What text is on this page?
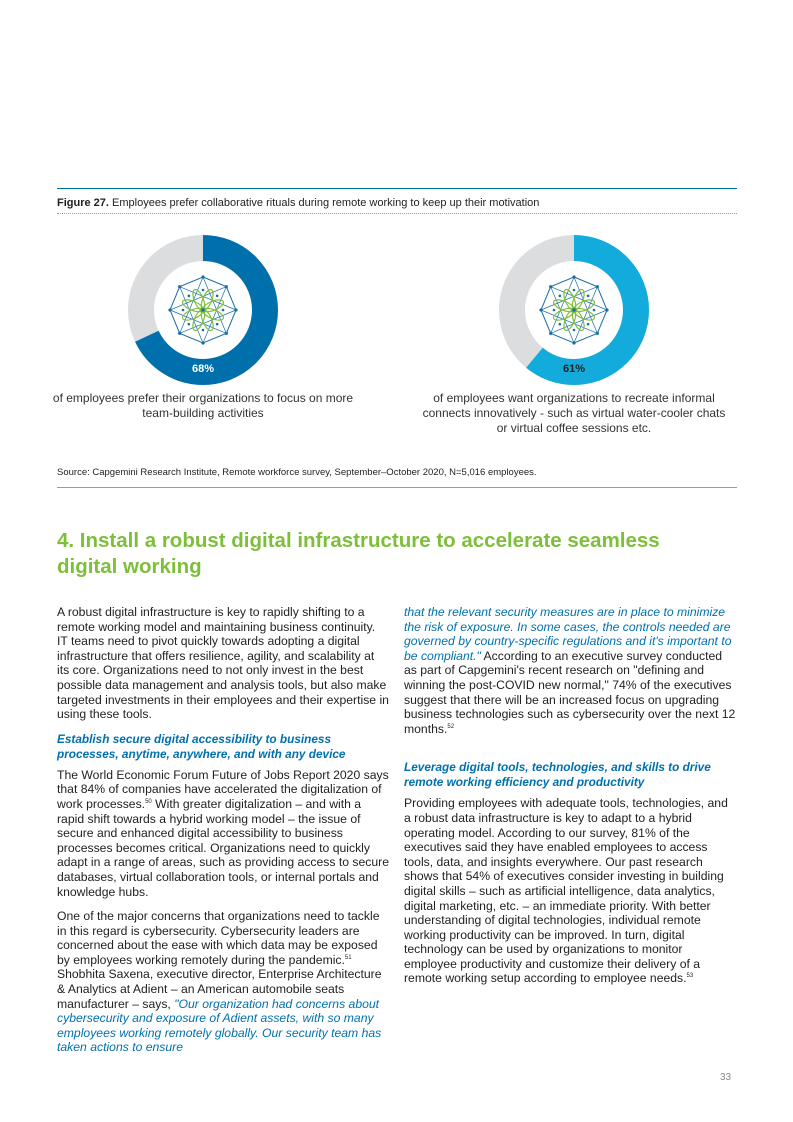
Figure 27. Employees prefer collaborative rituals during remote working to keep up their motivation
68%
of employees prefer their organizations to focus on more team-building activities
61%
of employees want organizations to recreate informal connects innovatively - such as virtual water-cooler chats or virtual coffee sessions etc.
Source: Capgemini Research Institute, Remote workforce survey, September–October 2020, N=5,016 employees.
4. Install a robust digital infrastructure to accelerate seamless digital working

A robust digital infrastructure is key to rapidly shifting to a remote working model and maintaining business continuity. IT teams need to pivot quickly towards adopting a digital infrastructure that offers resilience, agility, and scalability at its core. Organizations need to not only invest in the best possible data management and analysis tools, but also make targeted investments in their employees and their expertise in using these tools.

Establish secure digital accessibility to business processes, anytime, anywhere, and with any device

The World Economic Forum Future of Jobs Report 2020 says that 84% of companies have accelerated the digitalization of work processes.$^{50}$ With greater digitalization – and with a rapid shift towards a hybrid working model – the issue of secure and enhanced digital accessibility to business processes becomes critical. Organizations need to quickly adapt in a range of areas, such as providing access to secure databases, virtual collaboration tools, or internal portals and knowledge hubs.

One of the major concerns that organizations need to tackle in this regard is cybersecurity. Cybersecurity leaders are concerned about the ease with which data may be exposed by employees working remotely during the pandemic.$^{51}$ Shobhita Saxena, executive director, Enterprise Architecture & Analytics at Adient – an American automobile seats manufacturer – says, "Our organization had concerns about cybersecurity and exposure of Adient assets, with so many employees working remotely globally. Our security team has taken actions to ensure

that the relevant security measures are in place to minimize the risk of exposure. In some cases, the controls needed are governed by country-specific regulations and it's important to be compliant." According to an executive survey conducted as part of Capgemini's recent research on "defining and winning the post-COVID new normal," 74% of the executives suggest that there will be an increased focus on upgrading business technologies such as cybersecurity over the next 12 months.$^{52}$

Leverage digital tools, technologies, and skills to drive remote working efficiency and productivity

Providing employees with adequate tools, technologies, and a robust data infrastructure is key to adapt to a hybrid operating model. According to our survey, 81% of the executives said they have enabled employees to access tools, data, and insights everywhere. Our past research shows that 54% of executives consider investing in building digital skills – such as artificial intelligence, data analytics, digital marketing, etc. – an immediate priority. With better understanding of digital technologies, individual remote working productivity can be improved. In turn, digital technology can be used by organizations to monitor employee productivity and customize their delivery of a remote working setup according to employee needs.$^{53}$

33
